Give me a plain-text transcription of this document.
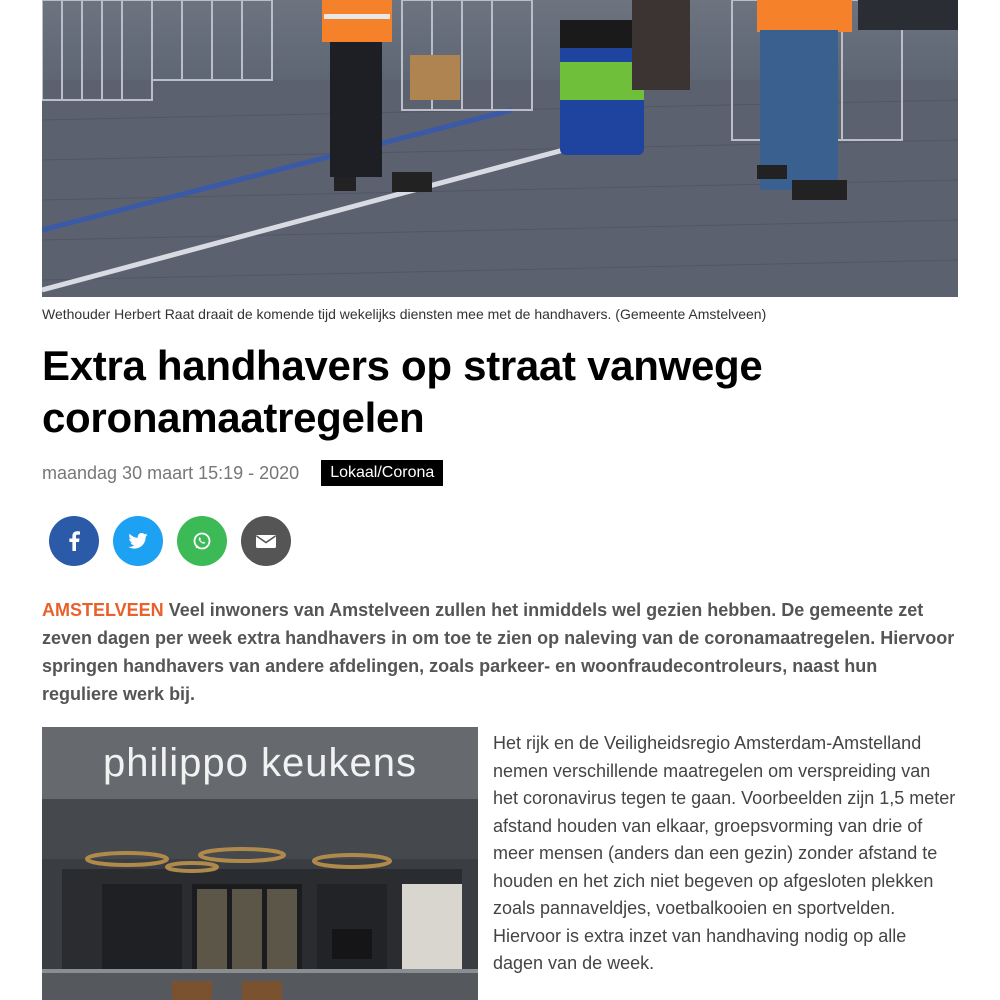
Wethouder Herbert Raat draait de komende tijd wekelijks diensten mee met de handhavers. (Gemeente Amstelveen)
Extra handhavers op straat vanwege coronamaatregelen
maandag 30 maart 15:19 - 2020	Lokaal/Corona

AMSTELVEEN Veel inwoners van Amstelveen zullen het inmiddels wel gezien hebben. De gemeente zet zeven dagen per week extra handhavers in om toe te zien op naleving van de coronamaatregelen. Hiervoor springen handhavers van andere afdelingen, zoals parkeer- en woonfraudecontroleurs, naast hun reguliere werk bij.

philippo keukens	Het rijk en de Veiligheidsregio Amsterdam-Amstelland nemen verschillende maatregelen om verspreiding van het coronavirus tegen te gaan. Voorbeelden zijn 1,5 meter afstand houden van elkaar, groepsvorming van drie of meer mensen (anders dan een gezin) zonder afstand te houden en het zich niet begeven op afgesloten plekken zoals pannaveldjes, voetbalkooien en sportvelden. Hiervoor is extra inzet van handhaving nodig op alle dagen van de week.
